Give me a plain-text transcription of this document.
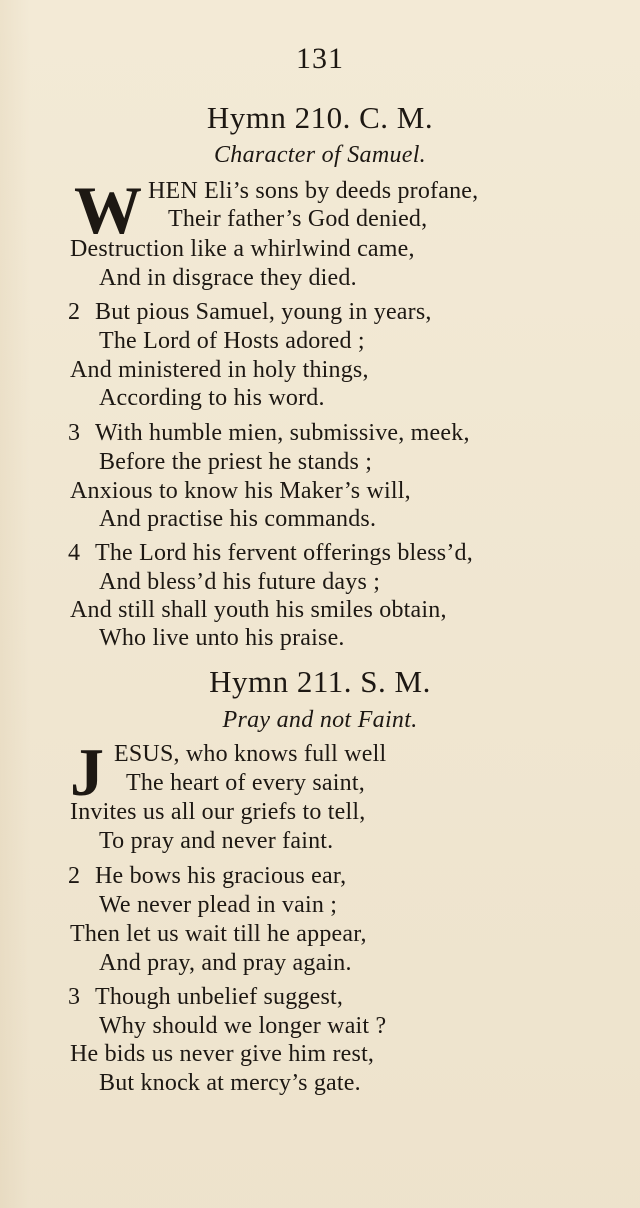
131
Hymn 210. C. M.
Character of Samuel.
W HEN Eli’s sons by deeds profane,
Their father’s God denied,
Destruction like a whirlwind came,
And in disgrace they died.
2 But pious Samuel, young in years,
The Lord of Hosts adored ;
And ministered in holy things,
According to his word.
3 With humble mien, submissive, meek,
Before the priest he stands ;
Anxious to know his Maker’s will,
And practise his commands.
4 The Lord his fervent offerings bless’d,
And bless’d his future days ;
And still shall youth his smiles obtain,
Who live unto his praise.
Hymn 211. S. M.
Pray and not Faint.
J ESUS, who knows full well
The heart of every saint,
Invites us all our griefs to tell,
To pray and never faint.
2 He bows his gracious ear,
We never plead in vain ;
Then let us wait till he appear,
And pray, and pray again.
3 Though unbelief suggest,
Why should we longer wait ?
He bids us never give him rest,
But knock at mercy’s gate.
